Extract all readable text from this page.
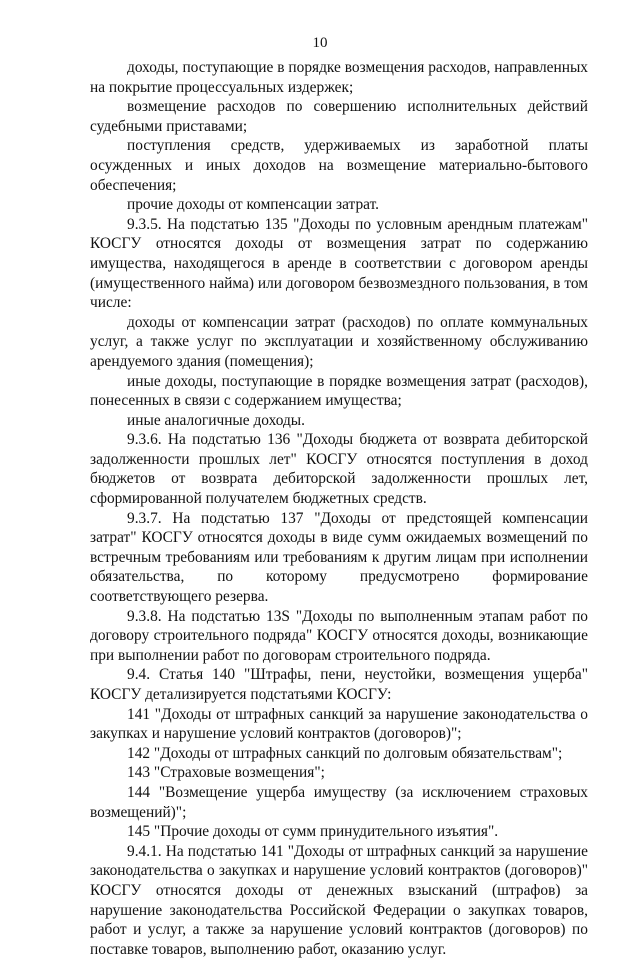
10

доходы, поступающие в порядке возмещения расходов, направленных на покрытие процессуальных издержек;

возмещение расходов по совершению исполнительных действий судебными приставами;

поступления средств, удерживаемых из заработной платы осужденных и иных доходов на возмещение материально-бытового обеспечения;

прочие доходы от компенсации затрат.

9.3.5. На подстатью 135 "Доходы по условным арендным платежам" КОСГУ относятся доходы от возмещения затрат по содержанию имущества, находящегося в аренде в соответствии с договором аренды (имущественного найма) или договором безвозмездного пользования, в том числе:

доходы от компенсации затрат (расходов) по оплате коммунальных услуг, а также услуг по эксплуатации и хозяйственному обслуживанию арендуемого здания (помещения);

иные доходы, поступающие в порядке возмещения затрат (расходов), понесенных в связи с содержанием имущества;

иные аналогичные доходы.

9.3.6. На подстатью 136 "Доходы бюджета от возврата дебиторской задолженности прошлых лет" КОСГУ относятся поступления в доход бюджетов от возврата дебиторской задолженности прошлых лет, сформированной получателем бюджетных средств.

9.3.7. На подстатью 137 "Доходы от предстоящей компенсации затрат" КОСГУ относятся доходы в виде сумм ожидаемых возмещений по встречным требованиям или требованиям к другим лицам при исполнении обязательства, по которому предусмотрено формирование соответствующего резерва.

9.3.8. На подстатью 13S "Доходы по выполненным этапам работ по договору строительного подряда" КОСГУ относятся доходы, возникающие при выполнении работ по договорам строительного подряда.

9.4. Статья 140 "Штрафы, пени, неустойки, возмещения ущерба" КОСГУ детализируется подстатьями КОСГУ:

141 "Доходы от штрафных санкций за нарушение законодательства о закупках и нарушение условий контрактов (договоров)";

142 "Доходы от штрафных санкций по долговым обязательствам";

143 "Страховые возмещения";

144 "Возмещение ущерба имуществу (за исключением страховых возмещений)";

145 "Прочие доходы от сумм принудительного изъятия".

9.4.1. На подстатью 141 "Доходы от штрафных санкций за нарушение законодательства о закупках и нарушение условий контрактов (договоров)" КОСГУ относятся доходы от денежных взысканий (штрафов) за нарушение законодательства Российской Федерации о закупках товаров, работ и услуг, а также за нарушение условий контрактов (договоров) по поставке товаров, выполнению работ, оказанию услуг.
